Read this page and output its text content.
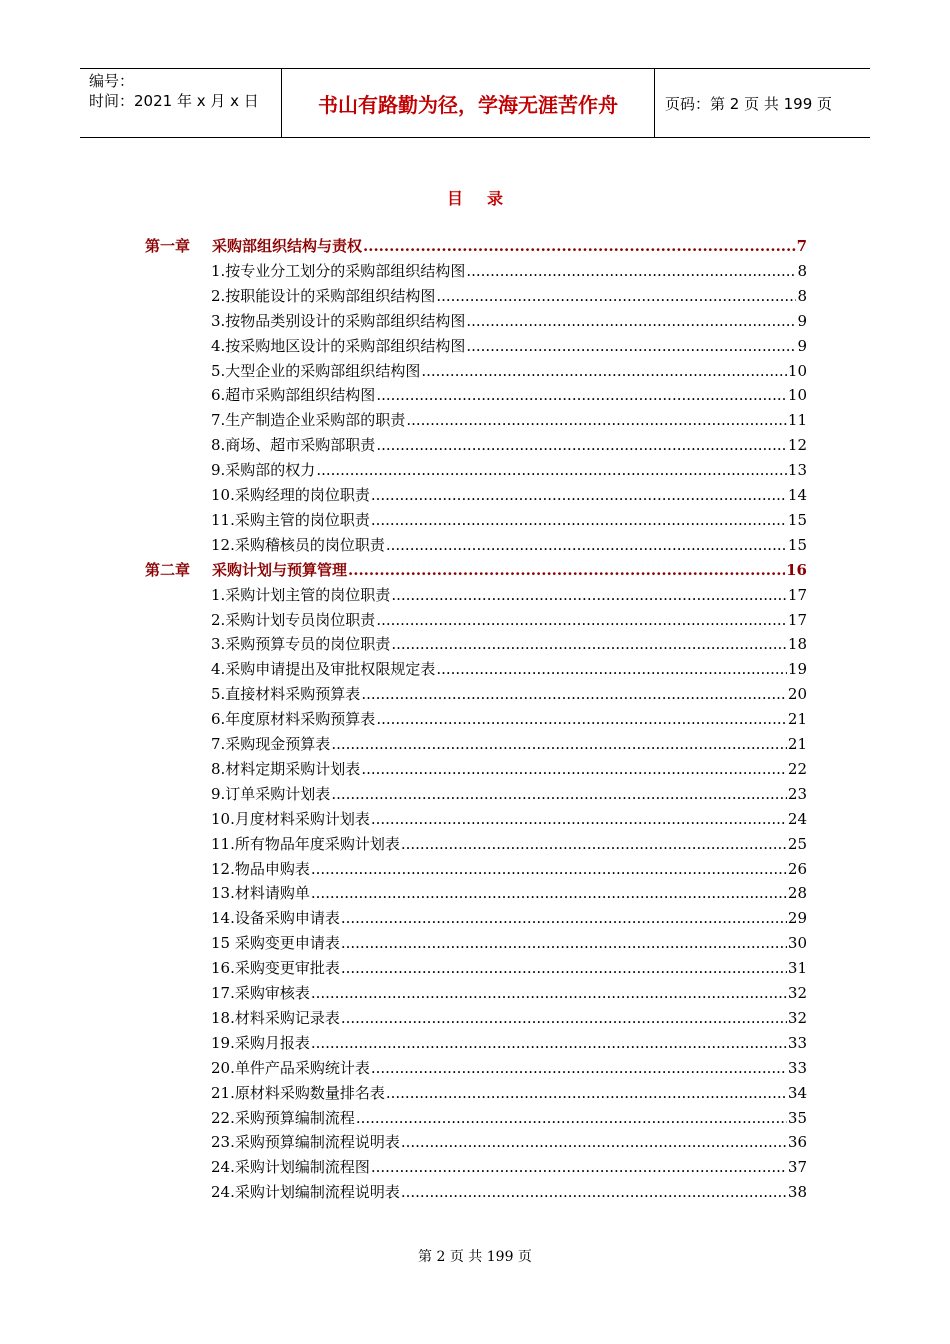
编号：
时间：2021 年 x 月 x 日	书山有路勤为径，学海无涯苦作舟	页码：第 2 页 共 199 页
目录
第一章 采购部组织结构与责权 .....	7
1.按专业分工划分的采购部组织结构图 .....	8
2.按职能设计的采购部组织结构图 .....	8
3.按物品类别设计的采购部组织结构图 .....	9
4.按采购地区设计的采购部组织结构图 .....	9
5.大型企业的采购部组织结构图 .....	10
6.超市采购部组织结构图 .....	10
7.生产制造企业采购部的职责 .....	11
8.商场、超市采购部职责 .....	12
9.采购部的权力 .....	13
10.采购经理的岗位职责 .....	14
11.采购主管的岗位职责 .....	15
12.采购稽核员的岗位职责 .....	15
第二章 采购计划与预算管理 .....	16
1.采购计划主管的岗位职责 .....	17
2.采购计划专员岗位职责 .....	17
3.采购预算专员的岗位职责 .....	18
4.采购申请提出及审批权限规定表 .....	19
5.直接材料采购预算表 .....	20
6.年度原材料采购预算表 .....	21
7.采购现金预算表 .....	21
8.材料定期采购计划表 .....	22
9.订单采购计划表 .....	23
10.月度材料采购计划表 .....	24
11.所有物品年度采购计划表 .....	25
12.物品申购表 .....	26
13.材料请购单 .....	28
14.设备采购申请表 .....	29
15 采购变更申请表 .....	30
16.采购变更审批表 .....	31
17.采购审核表 .....	32
18.材料采购记录表 .....	32
19.采购月报表 .....	33
20.单件产品采购统计表 .....	33
21.原材料采购数量排名表 .....	34
22.采购预算编制流程 .....	35
23.采购预算编制流程说明表 .....	36
24.采购计划编制流程图 .....	37
24.采购计划编制流程说明表 .....	38
第 2 页 共 199 页
